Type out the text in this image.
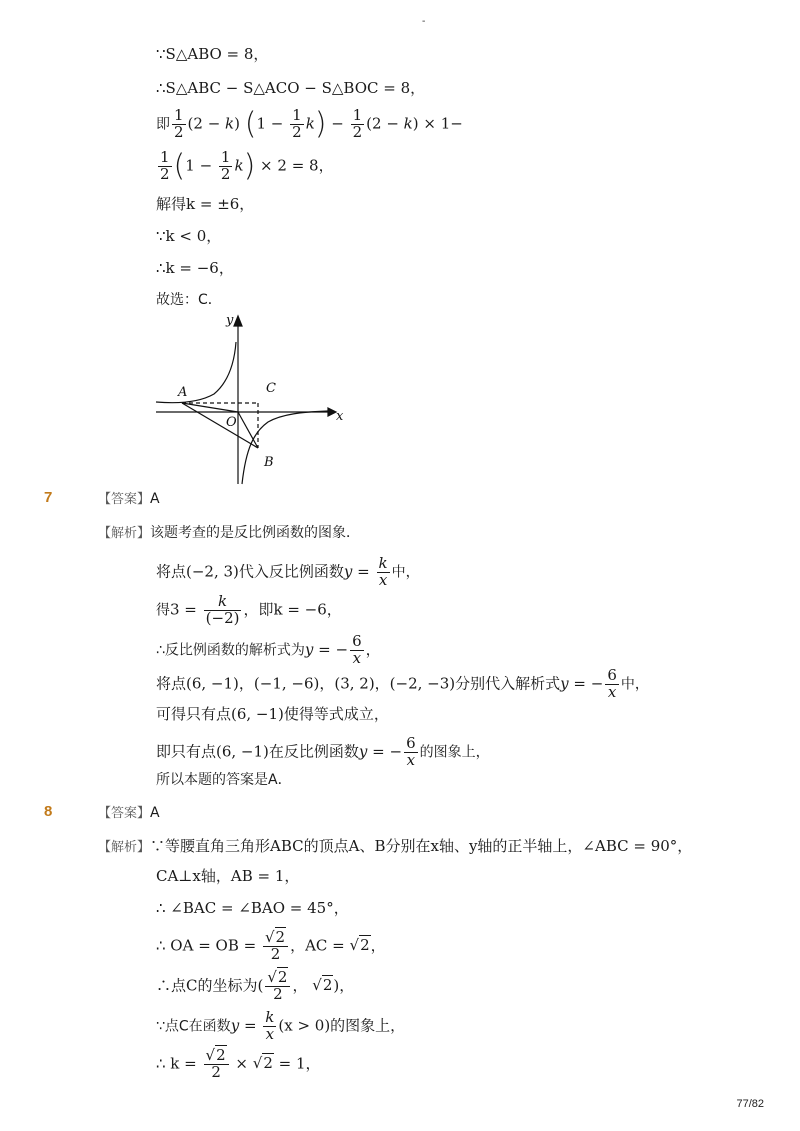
-
∵S△ABO = 8，
∴S△ABC − S△ACO − S△BOC = 8，
即 $\frac{1}{2} (2 - k) (1 - \frac{1}{2} k) - \frac{1}{2} (2 - k) \times 1-$
$\frac{1}{2} (1 - \frac{1}{2} k) \times 2 = 8$，
解得k = ±6，
∵k < 0，
∴k = −6，
故选：C．
y
x
A	C
O
B
7	【答案】A
【解析】该题考查的是反比例函数的图象．
将点(−2, 3)代入反比例函数$y = \frac{k}{x}$ 中，
得$3 = \frac{k}{(-2)}$ ，即k = −6，
∴反比例函数的解析式为y = − $\frac{6}{x}$ ，
将点(6, −1)，(−1, −6)，(3, 2)，(−2, −3)分别代入解析式y = − $\frac{6}{x}$ 中，
可得只有点(6, −1)使得等式成立，
即只有点(6, −1)在反比例函数y = − $\frac{6}{x}$ 的图象上，
所以本题的答案是A．
8	【答案】A
【解析】∵等腰直角三角形ABC的顶点A、B分别在x轴、y轴的正半轴上，∠ABC = 90°，
CA⊥x轴，AB = 1，
∴ ∠BAC = ∠BAO = 45°，
∴ OA = OB = $\frac{√2}{2}$ ，AC = √2，
∴点C的坐标为( $\frac{√2}{2}$ ， √2)，
∵点C在函数$y = \frac{k}{x} (x > 0)$的图象上，
∴ $k = \frac{√2}{2} \times √2 = 1$，
77/82
